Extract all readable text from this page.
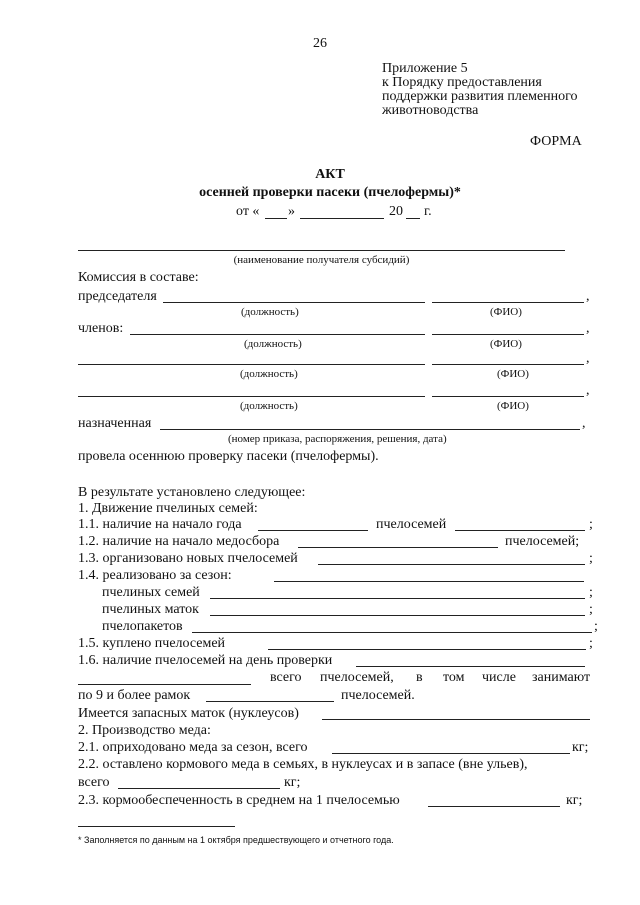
26
Приложение 5
к Порядку предоставления
поддержки развития племенного
животноводства
ФОРМА
АКТ
осенней проверки пасеки (пчелофермы)*
от « »	20 г.
(наименование получателя субсидий)
Комиссия в составе:
председателя	,
(должность)	(ФИО)
членов:	,
(должность)	(ФИО)
,
(должность)	(ФИО)
,
(должность)	(ФИО)
назначенная	,
(номер приказа, распоряжения, решения, дата)
провела осеннюю проверку пасеки (пчелофермы).
В результате установлено следующее:
1. Движение пчелиных семей:
1.1. наличие на начало года	пчелосемей	;
1.2. наличие на начало медосбора	пчелосемей;
1.3. организовано новых пчелосемей	;
1.4. реализовано за сезон:
пчелиных семей	;
пчелиных маток	;
пчелопакетов	;
1.5. куплено пчелосемей	;
1.6. наличие пчелосемей на день проверки
всего пчелосемей, в том числе занимают
по 9 и более рамок	пчелосемей.
Имеется запасных маток (нуклеусов)
2. Производство меда:
2.1. оприходовано меда за сезон, всего	кг;
2.2. оставлено кормового меда в семьях, в нуклеусах и в запасе (вне ульев),
всего	кг;
2.3. кормообеспеченность в среднем на 1 пчелосемью	кг;
* Заполняется по данным на 1 октября предшествующего и отчетного года.
